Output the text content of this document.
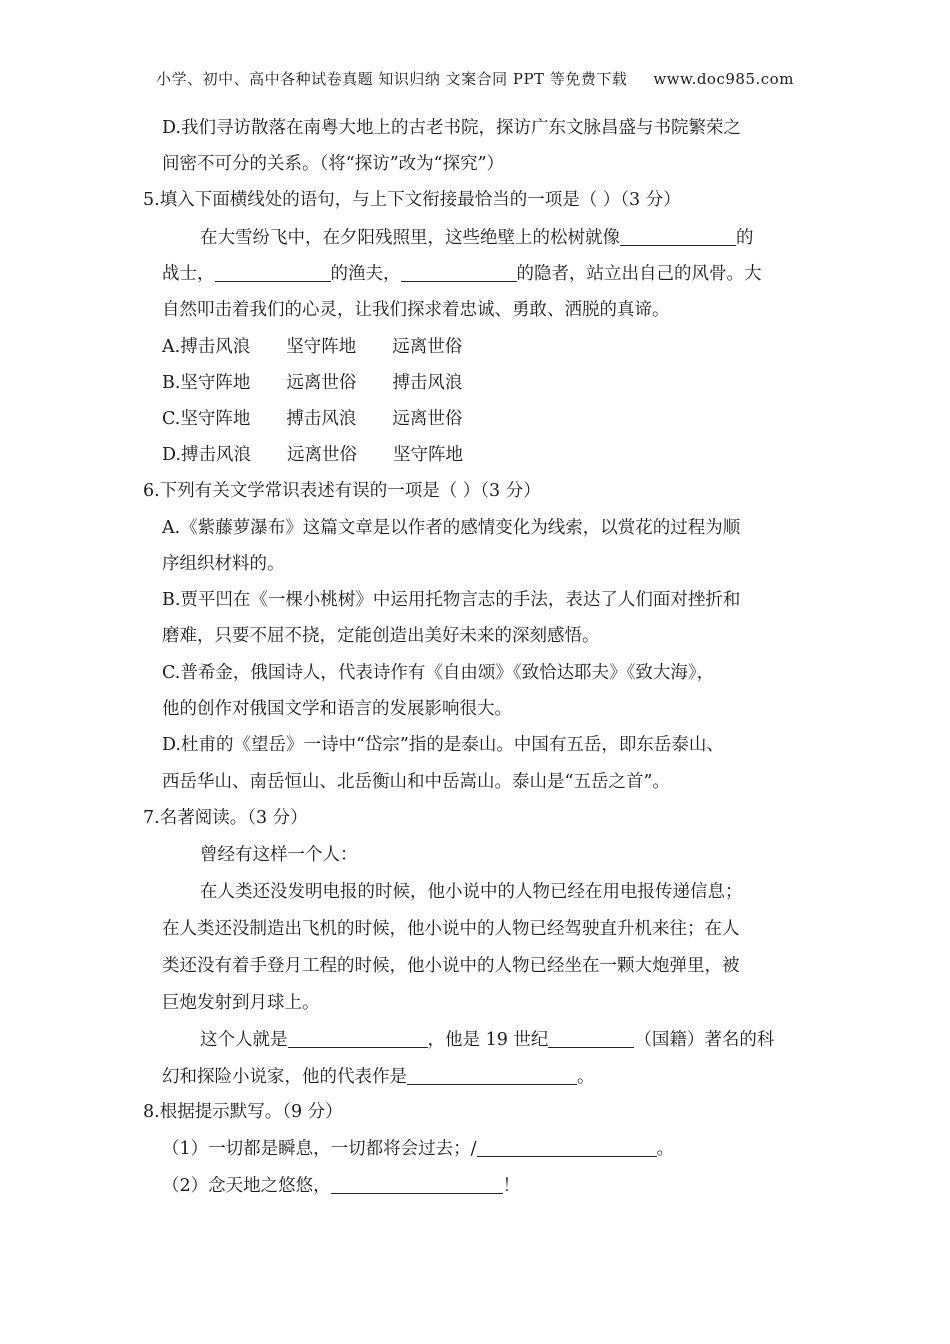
小学、初中、高中各种试卷真题 知识归纳 文案合同 PPT 等免费下载 www.doc985.com
D.我们寻访散落在南粤大地上的古老书院，探访广东文脉昌盛与书院繁荣之
间密不可分的关系。（将“探访”改为“探究”）
5.填入下面横线处的语句，与上下文衔接最恰当的一项是（ ）（3 分）
在大雪纷飞中，在夕阳残照里，这些绝壁上的松树就像	的
战士，	的渔夫，	的隐者，站立出自己的风骨。大
自然叩击着我们的心灵，让我们探求着忠诚、勇敢、洒脱的真谛。
A.搏击风浪 坚守阵地 远离世俗
B.坚守阵地 远离世俗 搏击风浪
C.坚守阵地 搏击风浪 远离世俗
D.搏击风浪 远离世俗 坚守阵地
6.下列有关文学常识表述有误的一项是（ ）（3 分）
A.《紫藤萝瀑布》这篇文章是以作者的感情变化为线索，以赏花的过程为顺
序组织材料的。
B.贾平凹在《一棵小桃树》中运用托物言志的手法，表达了人们面对挫折和
磨难，只要不屈不挠，定能创造出美好未来的深刻感悟。
C.普希金，俄国诗人，代表诗作有《自由颂》《致恰达耶夫》《致大海》，
他的创作对俄国文学和语言的发展影响很大。
D.杜甫的《望岳》一诗中“岱宗”指的是泰山。中国有五岳，即东岳泰山、
西岳华山、南岳恒山、北岳衡山和中岳嵩山。泰山是“五岳之首”。
7.名著阅读。（3 分）
曾经有这样一个人：
在人类还没发明电报的时候，他小说中的人物已经在用电报传递信息；
在人类还没制造出飞机的时候，他小说中的人物已经驾驶直升机来往；在人
类还没有着手登月工程的时候，他小说中的人物已经坐在一颗大炮弹里，被
巨炮发射到月球上。
这个人就是	，他是 19 世纪	（国籍）著名的科
幻和探险小说家，他的代表作是	。
8.根据提示默写。（9 分）
（1）一切都是瞬息，一切都将会过去；/	。
（2）念天地之悠悠，	！
